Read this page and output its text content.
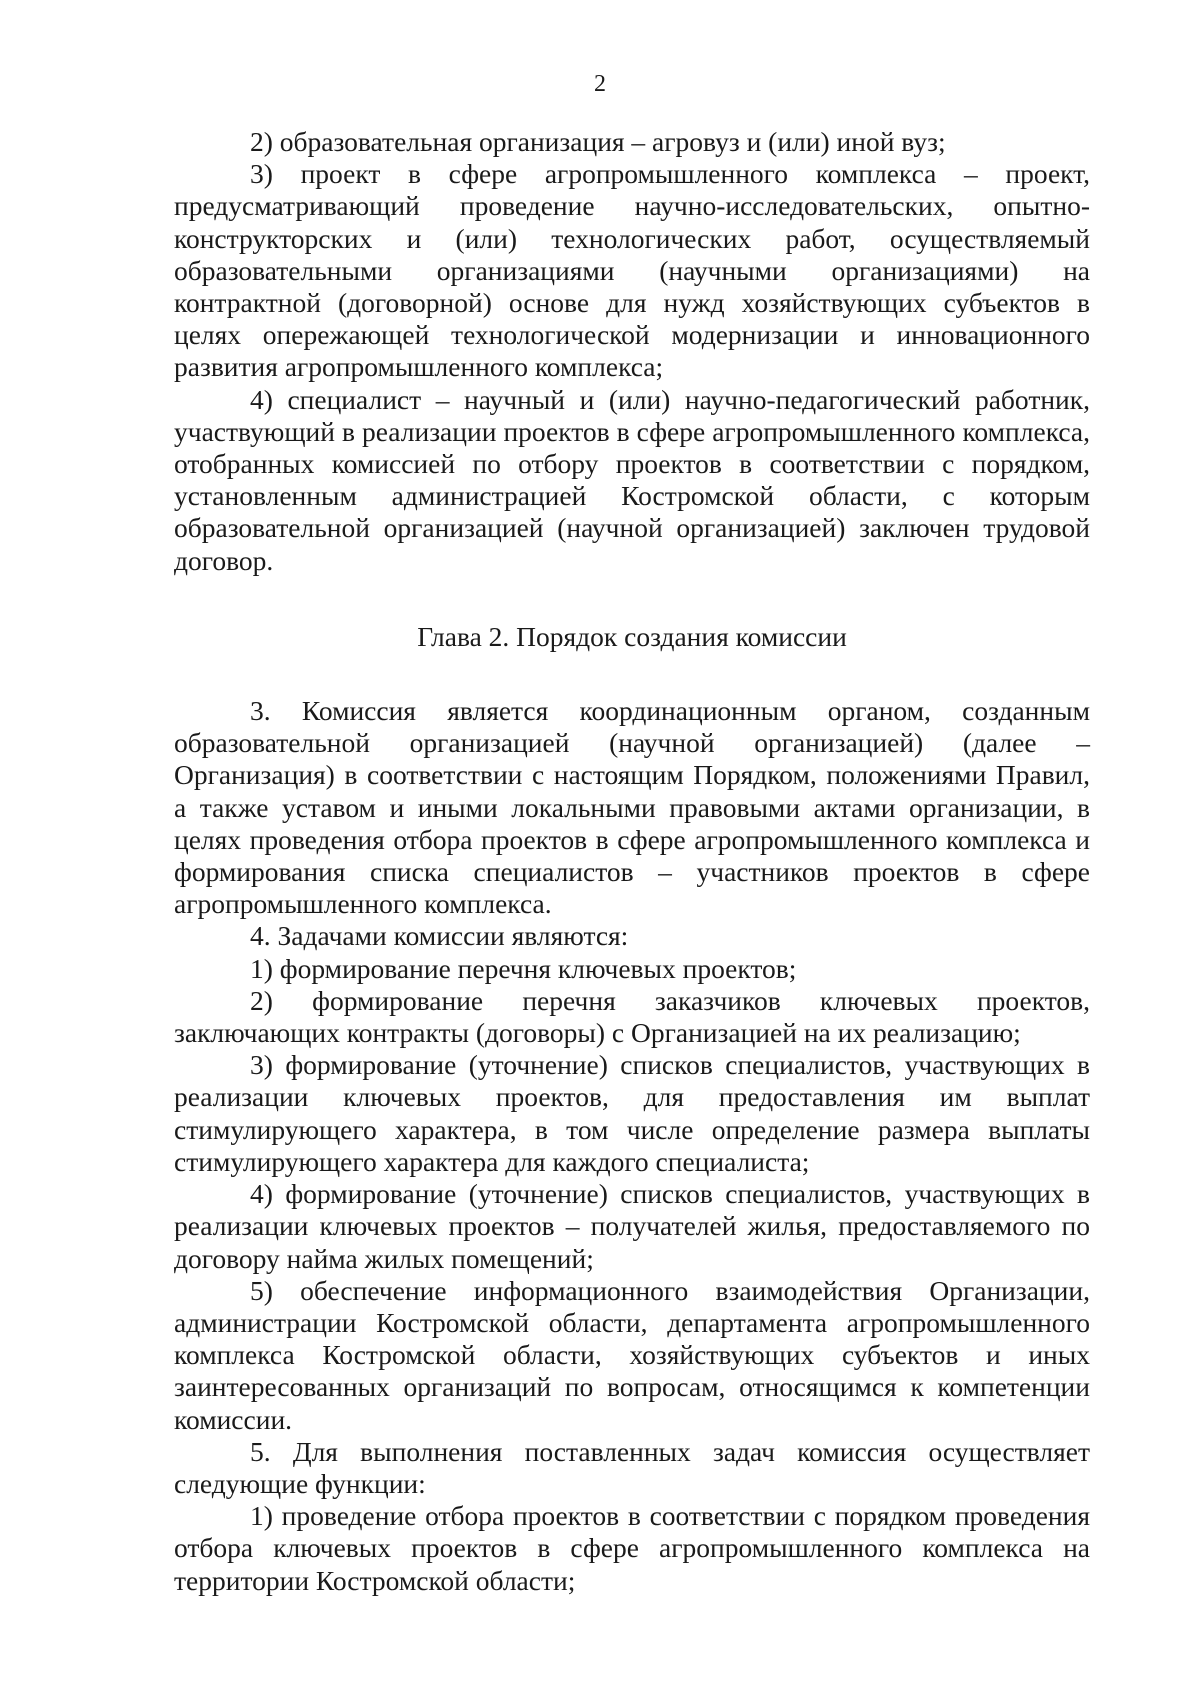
2

2) образовательная организация – агровуз и (или) иной вуз;

3) проект в сфере агропромышленного комплекса – проект, предусматривающий проведение научно-исследовательских, опытно-конструкторских и (или) технологических работ, осуществляемый образовательными организациями (научными организациями) на контрактной (договорной) основе для нужд хозяйствующих субъектов в целях опережающей технологической модернизации и инновационного развития агропромышленного комплекса;

4) специалист – научный и (или) научно-педагогический работник, участвующий в реализации проектов в сфере агропромышленного комплекса, отобранных комиссией по отбору проектов в соответствии с порядком, установленным администрацией Костромской области, с которым образовательной организацией (научной организацией) заключен трудовой договор.

Глава 2. Порядок создания комиссии

3. Комиссия является координационным органом, созданным образовательной организацией (научной организацией) (далее – Организация) в соответствии с настоящим Порядком, положениями Правил, а также уставом и иными локальными правовыми актами организации, в целях проведения отбора проектов в сфере агропромышленного комплекса и формирования списка специалистов – участников проектов в сфере агропромышленного комплекса.

4. Задачами комиссии являются:

1) формирование перечня ключевых проектов;

2) формирование перечня заказчиков ключевых проектов, заключающих контракты (договоры) с Организацией на их реализацию;

3) формирование (уточнение) списков специалистов, участвующих в реализации ключевых проектов, для предоставления им выплат стимулирующего характера, в том числе определение размера выплаты стимулирующего характера для каждого специалиста;

4) формирование (уточнение) списков специалистов, участвующих в реализации ключевых проектов – получателей жилья, предоставляемого по договору найма жилых помещений;

5) обеспечение информационного взаимодействия Организации, администрации Костромской области, департамента агропромышленного комплекса Костромской области, хозяйствующих субъектов и иных заинтересованных организаций по вопросам, относящимся к компетенции комиссии.

5. Для выполнения поставленных задач комиссия осуществляет следующие функции:

1) проведение отбора проектов в соответствии с порядком проведения отбора ключевых проектов в сфере агропромышленного комплекса на территории Костромской области;
